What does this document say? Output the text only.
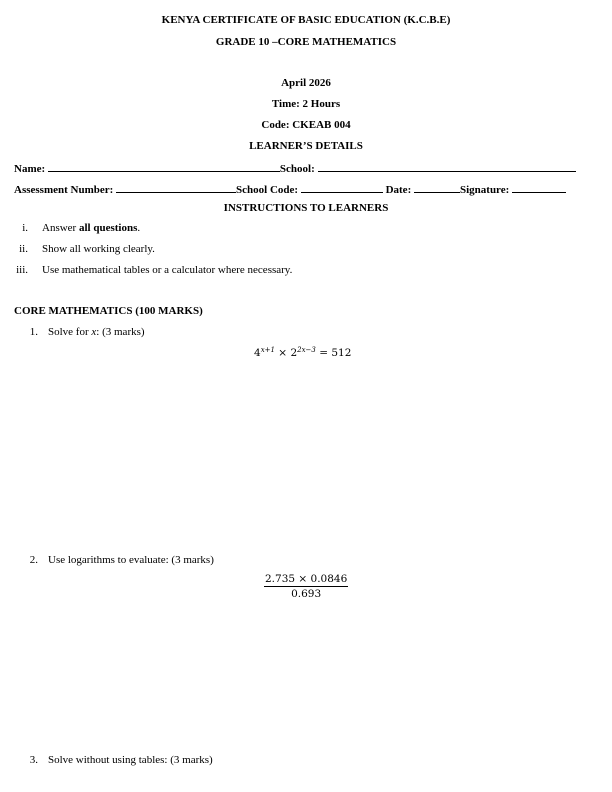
KENYA CERTIFICATE OF BASIC EDUCATION (K.C.B.E)
GRADE 10 –CORE MATHEMATICS
April 2026
Time: 2 Hours
Code: CKEAB 004
LEARNER’S DETAILS
Name:	School:
Assessment Number:	School Code:	Date:	Signature:
INSTRUCTIONS TO LEARNERS
i. Answer all questions.
ii. Show all working clearly.
iii. Use mathematical tables or a calculator where necessary.
CORE MATHEMATICS (100 MARKS)
1. Solve for x: (3 marks)
$4^{x+1} \times 2^{2x-3} = 512$
2. Use logarithms to evaluate: (3 marks)
$\frac{2.735 \times 0.0846}{0.693}$
3. Solve without using tables: (3 marks)
